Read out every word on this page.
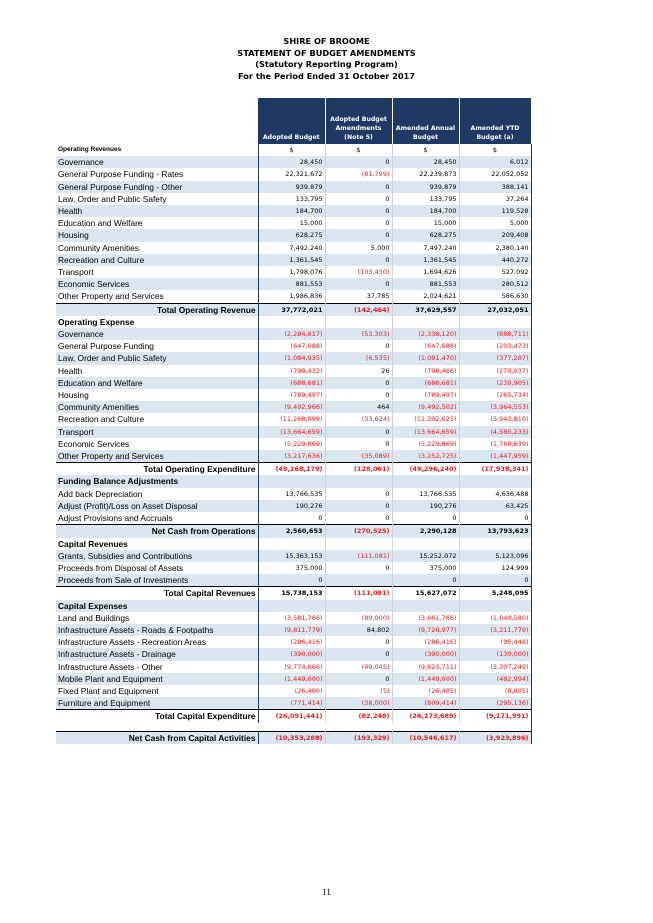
SHIRE OF BROOME
STATEMENT OF BUDGET AMENDMENTS
(Statutory Reporting Program)
For the Period Ended 31 October 2017
	Adopted Budget	Adopted Budget Amendments (Note 5)	Amended Annual Budget	Amended YTD Budget (a)
Operating Revenues	$	$	$	$
Governance	28,450	0	28,450	6,012
General Purpose Funding - Rates	22,321,672	(81,799)	22,239,873	22,052,052
General Purpose Funding - Other	939,879	0	939,879	388,141
Law, Order and Public Safety	133,795	0	133,795	37,264
Health	184,700	0	184,700	119,528
Education and Welfare	15,000	0	15,000	5,000
Housing	628,275	0	628,275	209,408
Community Amenities	7,492,240	5,000	7,497,240	2,380,140
Recreation and Culture	1,361,545	0	1,361,545	440,272
Transport	1,798,076	(103,450)	1,694,626	527,092
Economic Services	881,553	0	881,553	280,512
Other Property and Services	1,986,836	37,785	2,024,621	586,630
Total Operating Revenue	37,772,021	(142,464)	37,629,557	27,032,051
Operating Expense				
Governance	(2,284,817)	(53,303)	(2,338,120)	(888,711)
General Purpose Funding	(647,688)	0	(647,688)	(203,473)
Law, Order and Public Safety	(1,084,935)	(6,535)	(1,091,470)	(377,287)
Health	(798,432)	26	(798,406)	(270,037)
Education and Welfare	(688,681)	0	(688,681)	(230,905)
Housing	(789,497)	0	(789,497)	(265,734)
Community Amenities	(9,492,966)	464	(9,492,502)	(3,964,553)
Recreation and Culture	(11,268,999)	(33,624)	(11,302,623)	(3,943,810)
Transport	(13,664,659)	0	(13,664,659)	(4,585,233)
Economic Services	(5,229,869)	0	(5,229,869)	(1,760,639)
Other Property and Services	(3,217,636)	(35,089)	(3,252,725)	(1,447,959)
Total Operating Expenditure	(49,168,179)	(128,061)	(49,296,240)	(17,938,341)
Funding Balance Adjustments				
Add back Depreciation	13,766,535	0	13,766,535	4,636,488
Adjust (Profit)/Loss on Asset Disposal	190,276	0	190,276	63,425
Adjust Provisions and Accruals	0	0	0	0
Net Cash from Operations	2,560,653	(270,525)	2,290,128	13,793,623
Capital Revenues				
Grants, Subsidies and Contributions	15,363,153	(111,081)	15,252,072	5,123,096
Proceeds from Disposal of Assets	375,000	0	375,000	124,999
Proceeds from Sale of Investments	0		0	0
Total Capital Revenues	15,738,153	(111,081)	15,627,072	5,248,095
Capital Expenses				
Land and Buildings	(3,581,766)	(80,000)	(3,661,766)	(1,640,580)
Infrastructure Assets - Roads & Footpaths	(9,811,779)	84,802	(9,726,977)	(3,211,779)
Infrastructure Assets - Recreation Areas	(286,416)	0	(286,416)	(95,448)
Infrastructure Assets - Drainage	(390,000)	0	(390,000)	(130,000)
Infrastructure Assets - Other	(9,774,666)	(49,045)	(9,823,711)	(3,307,249)
Mobile Plant and Equipment	(1,449,000)	0	(1,449,000)	(482,994)
Fixed Plant and Equipment	(26,400)	(5)	(26,405)	(8,805)
Furniture and Equipment	(771,414)	(38,000)	(809,414)	(295,136)
Total Capital Expenditure	(26,091,441)	(82,248)	(26,173,689)	(9,171,991)

Net Cash from Capital Activities	(10,353,288)	(193,329)	(10,546,617)	(3,923,896)
11
